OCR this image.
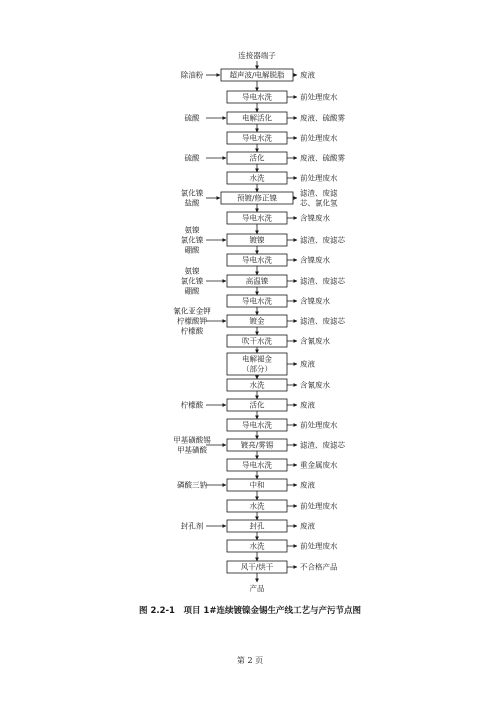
连接器端子
超声波/电解脱脂 废液
除油粉
导电水洗	前处理废水
电解活化	废液、硫酸雾
硫酸
导电水洗	前处理废水
活化	废液、硫酸雾
硫酸
水洗	前处理废水
预镀/修正镍
滤渣、废滤
芯、氯化氢
氯化镍
盐酸
导电水洗	含镍废水
镀镍	滤渣、废滤芯
氨镍
氯化镍
硼酸
导电水洗	含镍废水
高温镍	滤渣、废滤芯
氨镍
氯化镍
硼酸
导电水洗	含镍废水
镀金	滤渣、废滤芯
氰化亚金钾
柠檬酸钾
柠檬酸
吹干水洗	含氰废水
电解褪金
（部分）
废液
水洗	含氰废水
活化	废液
柠檬酸
导电水洗	前处理废水
镀亮/雾锡	滤渣、废滤芯
甲基磺酸锡
甲基磺酸
导电水洗	重金属废水
中和	废液
磷酸三钠
水洗	前处理废水
封孔	废液
封孔剂
水洗	前处理废水
风干/烘干	不合格产品
产品
图 2.2-1　项目 1#连续镀镍金锡生产线工艺与产污节点图
第 2 页
